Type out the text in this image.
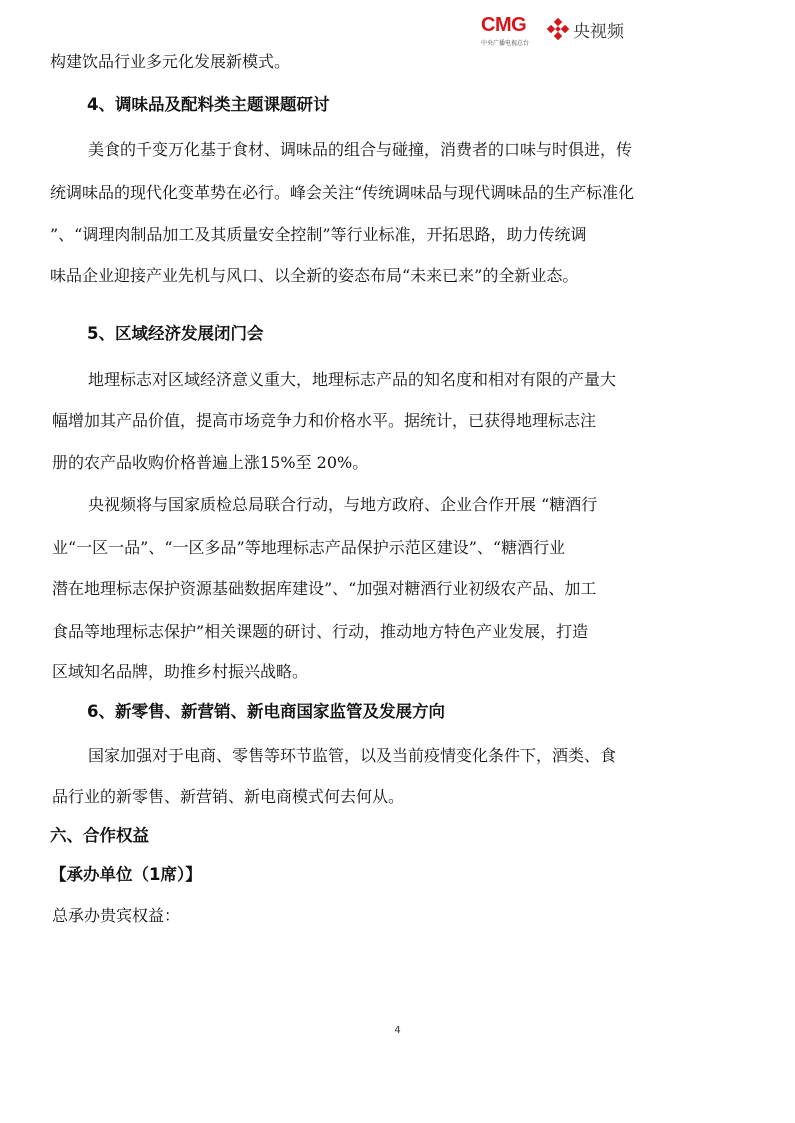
CMG
中央广播电视总台
央视频

构建饮品行业多元化发展新模式。

4、调味品及配料类主题课题研讨

美食的千变万化基于食材、调味品的组合与碰撞，消费者的口味与时俱进，传

统调味品的现代化变革势在必行。峰会关注“传统调味品与现代调味品的生产标准化

”、“调理肉制品加工及其质量安全控制”等行业标准，开拓思路，助力传统调

味品企业迎接产业先机与风口、以全新的姿态布局“未来已来”的全新业态。

5、区域经济发展闭门会

地理标志对区域经济意义重大，地理标志产品的知名度和相对有限的产量大

幅增加其产品价值，提高市场竞争力和价格水平。据统计，已获得地理标志注

册的农产品收购价格普遍上涨15%至 20%。

央视频将与国家质检总局联合行动，与地方政府、企业合作开展 “糖酒行

业“一区一品”、“一区多品”等地理标志产品保护示范区建设”、“糖酒行业

潜在地理标志保护资源基础数据库建设”、“加强对糖酒行业初级农产品、加工

食品等地理标志保护”相关课题的研讨、行动，推动地方特色产业发展，打造

区域知名品牌，助推乡村振兴战略。

6、新零售、新营销、新电商国家监管及发展方向

国家加强对于电商、零售等环节监管，以及当前疫情变化条件下，酒类、食

品行业的新零售、新营销、新电商模式何去何从。

六、合作权益

【承办单位（1席）】

总承办贵宾权益：

4
